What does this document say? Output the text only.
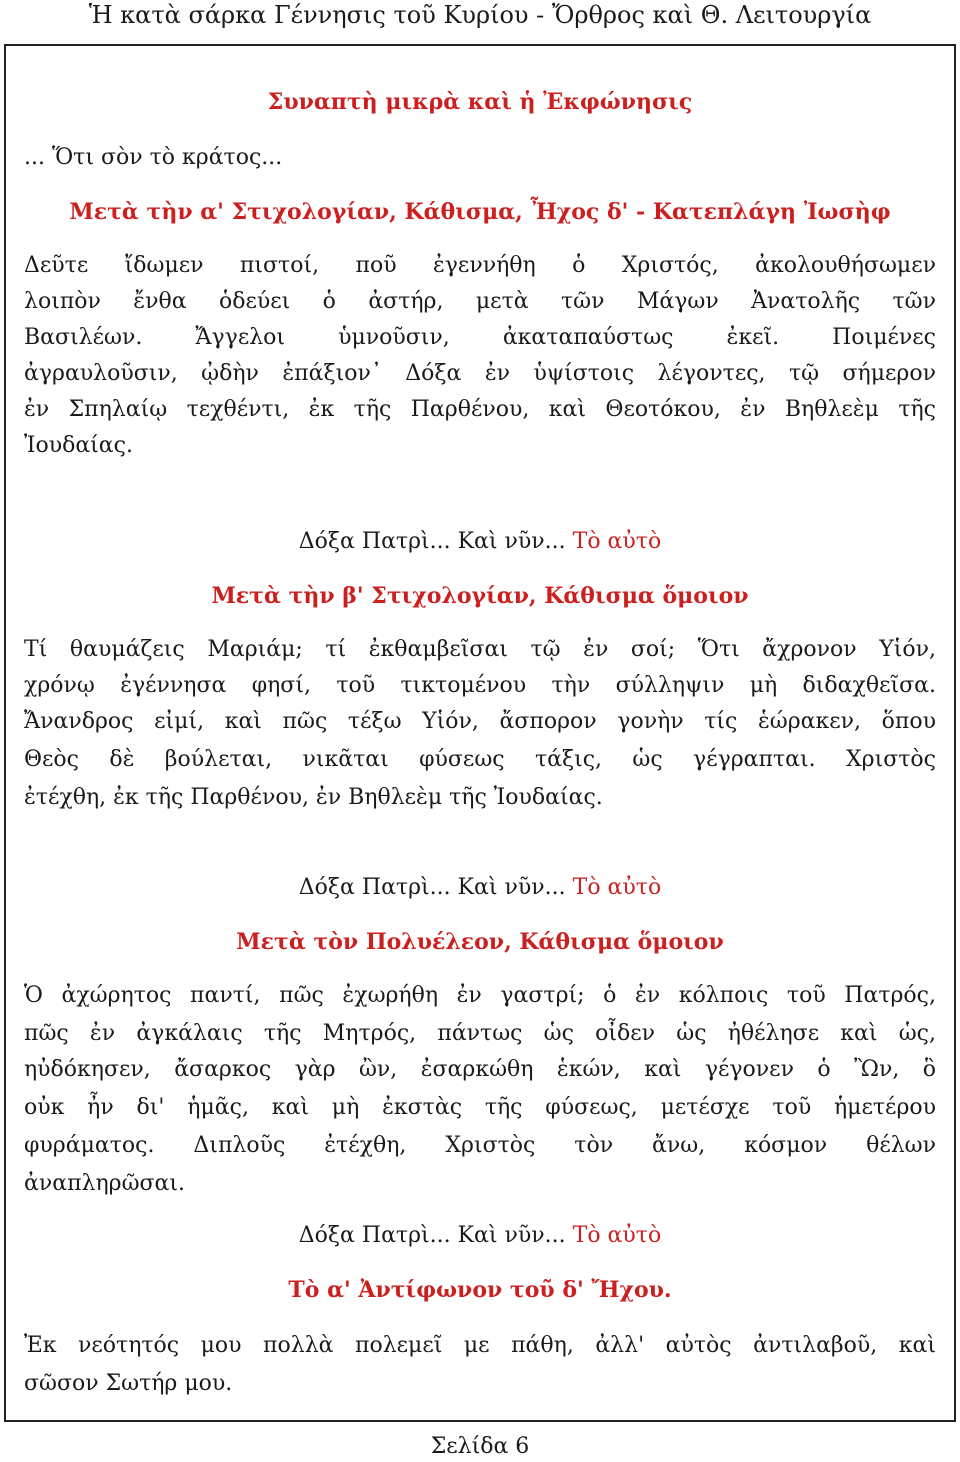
Ἡ κατὰ σάρκα Γέννησις τοῦ Κυρίου - Ὄρθρος καὶ Θ. Λειτουργία
Συναπτὴ μικρὰ καὶ ἡ Ἐκφώνησις
... Ὅτι σὸν τὸ κράτος...
Μετὰ τὴν α' Στιχολογίαν, Κάθισμα, Ἦχος δ' - Κατεπλάγη Ἰωσὴφ
Δεῦτε ἴδωμεν πιστοί, ποῦ ἐγεννήθη ὁ Χριστός, ἀκολουθήσωμεν
λοιπὸν ἔνθα ὁδεύει ὁ ἀστήρ, μετὰ τῶν Μάγων Ἀνατολῆς τῶν
Βασιλέων. Ἄγγελοι ὑμνοῦσιν, ἀκαταπαύστως ἐκεῖ. Ποιμένες
ἀγραυλοῦσιν, ᾠδὴν ἐπάξιον᾽ Δόξα ἐν ὑψίστοις λέγοντες, τῷ σήμερον
ἐν Σπηλαίῳ τεχθέντι, ἐκ τῆς Παρθένου, καὶ Θεοτόκου, ἐν Βηθλεὲμ τῆς
Ἰουδαίας.
Δόξα Πατρὶ... Καὶ νῦν... Τὸ αὐτὸ
Μετὰ τὴν β' Στιχολογίαν, Κάθισμα ὅμοιον
Τί θαυμάζεις Μαριάμ; τί ἐκθαμβεῖσαι τῷ ἐν σοί; Ὅτι ἄχρονον Υἱόν,
χρόνῳ ἐγέννησα φησί, τοῦ τικτομένου τὴν σύλληψιν μὴ διδαχθεῖσα.
Ἄνανδρος εἰμί, καὶ πῶς τέξω Υἱόν, ἄσπορον γονὴν τίς ἑώρακεν, ὅπου
Θεὸς δὲ βούλεται, νικᾶται φύσεως τάξις, ὡς γέγραπται. Χριστὸς
ἐτέχθη, ἐκ τῆς Παρθένου, ἐν Βηθλεὲμ τῆς Ἰουδαίας.
Δόξα Πατρὶ... Καὶ νῦν... Τὸ αὐτὸ
Μετὰ τὸν Πολυέλεον, Κάθισμα ὅμοιον
Ὁ ἀχώρητος παντί, πῶς ἐχωρήθη ἐν γαστρί; ὁ ἐν κόλποις τοῦ Πατρός,
πῶς ἐν ἀγκάλαις τῆς Μητρός, πάντως ὡς οἶδεν ὡς ἠθέλησε καὶ ὡς,
ηὐδόκησεν, ἄσαρκος γὰρ ὢν, ἐσαρκώθη ἑκών, καὶ γέγονεν ὁ Ὢν, ὃ
οὐκ ἦν δι' ἡμᾶς, καὶ μὴ ἐκστὰς τῆς φύσεως, μετέσχε τοῦ ἡμετέρου
φυράματος. Διπλοῦς ἐτέχθη, Χριστὸς τὸν ἄνω, κόσμον θέλων
ἀναπληρῶσαι.
Δόξα Πατρὶ... Καὶ νῦν... Τὸ αὐτὸ
Τὸ α' Ἀντίφωνον τοῦ δ' Ἤχου.
Ἐκ νεότητός μου πολλὰ πολεμεῖ με πάθη, ἀλλ' αὐτὸς ἀντιλαβοῦ, καὶ
σῶσον Σωτήρ μου.
Σελίδα 6
